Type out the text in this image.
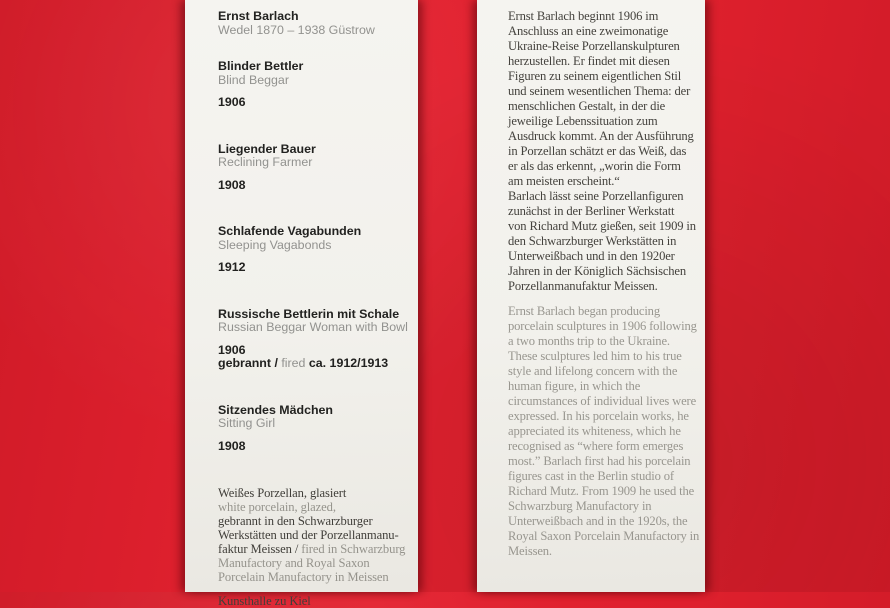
Ernst Barlach
Wedel 1870 – 1938 Güstrow
Blinder Bettler
Blind Beggar
1906
Liegender Bauer
Reclining Farmer
1908
Schlafende Vagabunden
Sleeping Vagabonds
1912
Russische Bettlerin mit Schale
Russian Beggar Woman with Bowl
1906
gebrannt / fired ca. 1912/1913
Sitzendes Mädchen
Sitting Girl
1908
Weißes Porzellan, glasiert
white porcelain, glazed,
gebrannt in den Schwarzburger
Werkstätten und der Porzellanmanu-
faktur Meissen / fired in Schwarzburg
Manufactory and Royal Saxon
Porcelain Manufactory in Meissen
Kunsthalle zu Kiel
Ernst Barlach beginnt 1906 im
Anschluss an eine zweimonatige
Ukraine-Reise Porzellanskulpturen
herzustellen. Er findet mit diesen
Figuren zu seinem eigentlichen Stil
und seinem wesentlichen Thema: der
menschlichen Gestalt, in der die
jeweilige Lebenssituation zum
Ausdruck kommt. An der Ausführung
in Porzellan schätzt er das Weiß, das
er als das erkennt, „worin die Form
am meisten erscheint.“
Barlach lässt seine Porzellanfiguren
zunächst in der Berliner Werkstatt
von Richard Mutz gießen, seit 1909 in
den Schwarzburger Werkstätten in
Unterweißbach und in den 1920er
Jahren in der Königlich Sächsischen
Porzellanmanufaktur Meissen.
Ernst Barlach began producing
porcelain sculptures in 1906 following
a two months trip to the Ukraine.
These sculptures led him to his true
style and lifelong concern with the
human figure, in which the
circumstances of individual lives were
expressed. In his porcelain works, he
appreciated its whiteness, which he
recognised as “where form emerges
most.” Barlach first had his porcelain
figures cast in the Berlin studio of
Richard Mutz. From 1909 he used the
Schwarzburg Manufactory in
Unterweißbach and in the 1920s, the
Royal Saxon Porcelain Manufactory in
Meissen.
